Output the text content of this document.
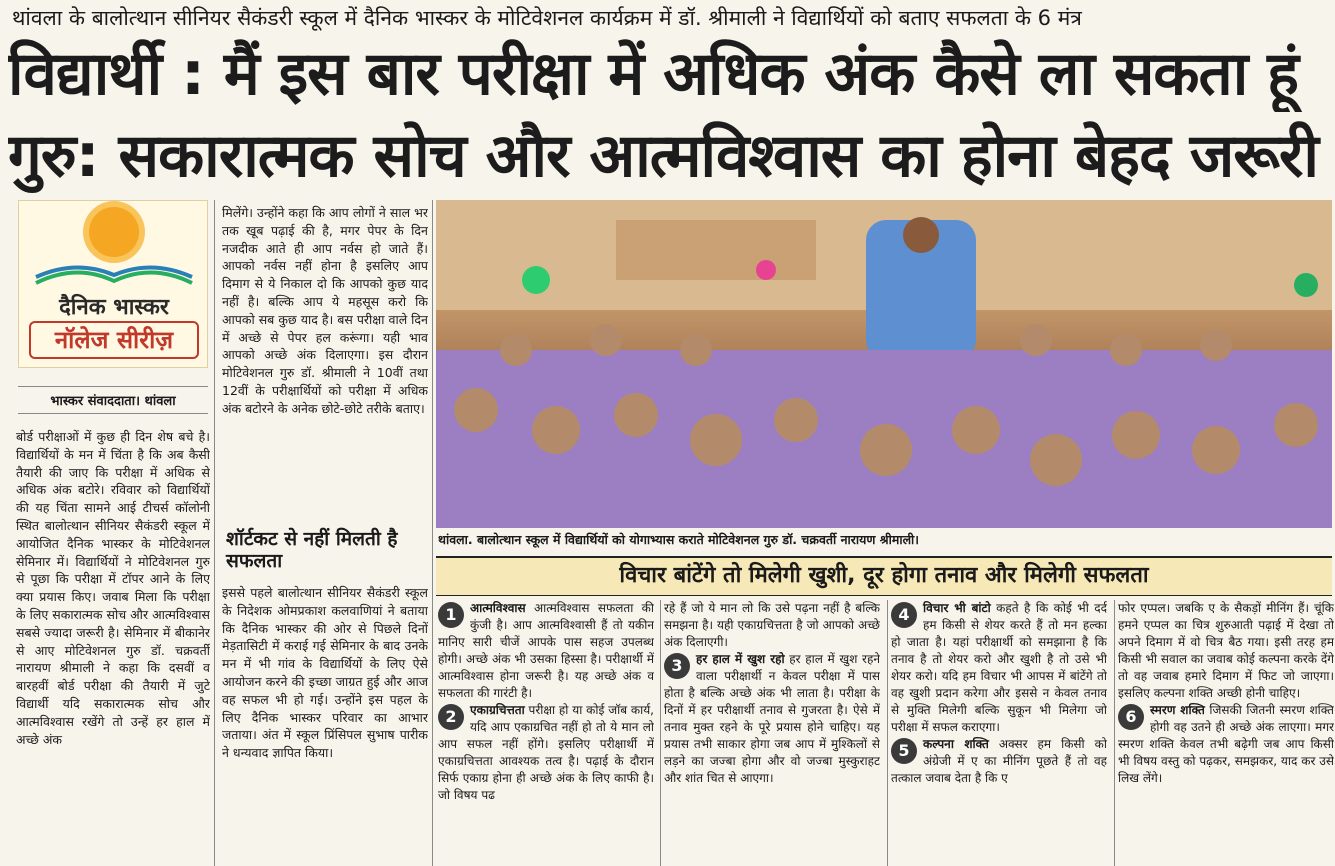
थांवला के बालोत्थान सीनियर सैकंडरी स्कूल में दैनिक भास्कर के मोटिवेशनल कार्यक्रम में डॉ. श्रीमाली ने विद्यार्थियों को बताए सफलता के 6 मंत्र
विद्यार्थी : मैं इस बार परीक्षा में अधिक अंक कैसे ला सकता हूं
गुरु: सकारात्मक सोच और आत्मविश्वास का होना बेहद जरूरी
दैनिक भास्कर
नॉलेज सीरीज़
भास्कर संवाददाता। थांवला
बोर्ड परीक्षाओं में कुछ ही दिन शेष बचे है। विद्यार्थियों के मन में चिंता है कि अब कैसी तैयारी की जाए कि परीक्षा में अधिक से अधिक अंक बटोरे। रविवार को विद्यार्थियों की यह चिंता सामने आई टीचर्स कॉलोनी स्थित बालोत्थान सीनियर सैकंडरी स्कूल में आयोजित दैनिक भास्कर के मोटिवेशनल सेमिनार में। विद्यार्थियों ने मोटिवेशनल गुरु से पूछा कि परीक्षा में टॉपर आने के लिए क्या प्रयास किए। जवाब मिला कि परीक्षा के लिए सकारात्मक सोच और आत्मविश्वास सबसे ज्यादा जरूरी है। सेमिनार में बीकानेर से आए मोटिवेशनल गुरु डॉ. चक्रवर्ती नारायण श्रीमाली ने कहा कि दसवीं व बारहवीं बोर्ड परीक्षा की तैयारी में जुटे विद्यार्थी यदि सकारात्मक सोच और आत्मविश्वास रखेंगे तो उन्हें हर हाल में अच्छे अंक
मिलेंगे। उन्होंने कहा कि आप लोगों ने साल भर तक खूब पढ़ाई की है, मगर पेपर के दिन नजदीक आते ही आप नर्वस हो जाते हैं। आपको नर्वस नहीं होना है इसलिए आप दिमाग से ये निकाल दो कि आपको कुछ याद नहीं है। बल्कि आप ये महसूस करो कि आपको सब कुछ याद है। बस परीक्षा वाले दिन में अच्छे से पेपर हल करूंगा। यही भाव आपको अच्छे अंक दिलाएगा। इस दौरान मोटिवेशनल गुरु डॉ. श्रीमाली ने 10वीं तथा 12वीं के परीक्षार्थियों को परीक्षा में अधिक अंक बटोरने के अनेक छोटे-छोटे तरीके बताए।
शॉर्टकट से नहीं मिलती है सफलता
इससे पहले बालोत्थान सीनियर सैकंडरी स्कूल के निदेशक ओमप्रकाश कलवाणियां ने बताया कि दैनिक भास्कर की ओर से पिछले दिनों मेड़तासिटी में कराई गई सेमिनार के बाद उनके मन में भी गांव के विद्यार्थियों के लिए ऐसे आयोजन करने की इच्छा जाग्रत हुई और आज वह सफल भी हो गई। उन्होंने इस पहल के लिए दैनिक भास्कर परिवार का आभार जताया। अंत में स्कूल प्रिंसिपल सुभाष पारीक ने धन्यवाद ज्ञापित किया।
थांवला. बालोत्थान स्कूल में विद्यार्थियों को योगाभ्यास कराते मोटिवेशनल गुरु डॉ. चक्रवर्ती नारायण श्रीमाली।
विचार बांटेंगे तो मिलेगी खुशी, दूर होगा तनाव और मिलेगी सफलता
1	आत्मविश्वास आत्मविश्वास सफलता की कुंजी है। आप आत्मविश्वासी हैं तो यकीन मानिए सारी चीजें आपके पास सहज उपलब्ध होगी। अच्छे अंक भी उसका हिस्सा है। परीक्षार्थी में आत्मविश्वास होना जरूरी है। यह अच्छे अंक व सफलता की गारंटी है।

2	एकाग्रचित्तता परीक्षा हो या कोई जॉब कार्य, यदि आप एकाग्रचित नहीं हो तो ये मान लो आप सफल नहीं होंगे। इसलिए परीक्षार्थी में एकाग्रचित्तता आवश्यक तत्व है। पढ़ाई के दौरान सिर्फ एकाग्र होना ही अच्छे अंक के लिए काफी है। जो विषय पढ
रहे हैं जो ये मान लो कि उसे पढ़ना नहीं है बल्कि समझना है। यही एकाग्रचित्तता है जो आपको अच्छे अंक दिलाएगी।

3	हर हाल में खुश रहो हर हाल में खुश रहने वाला परीक्षार्थी न केवल परीक्षा में पास होता है बल्कि अच्छे अंक भी लाता है। परीक्षा के दिनों में हर परीक्षार्थी तनाव से गुजरता है। ऐसे में तनाव मुक्त रहने के पूरे प्रयास होने चाहिए। यह प्रयास तभी साकार होगा जब आप में मुश्किलों से लड़ने का जज्बा होगा और वो जज्बा मुस्कुराहट और शांत चित से आएगा।
विचार भी बांटो
4	कहते है कि कोई भी दर्द हम किसी से शेयर करते हैं तो मन हल्का हो जाता है। यहां परीक्षार्थी को समझाना है कि तनाव है तो शेयर करो और खुशी है तो उसे भी शेयर करो। यदि हम विचार भी आपस में बांटेंगे तो वह खुशी प्रदान करेगा और इससे न केवल तनाव से मुक्ति मिलेगी बल्कि सुकून भी मिलेगा जो परीक्षा में सफल कराएगा।
कल्पना शक्ति
5	अक्सर हम किसी को अंग्रेजी में ए का मीनिंग पूछते हैं तो वह तत्काल जवाब देता है कि ए
फोर एप्पल। जबकि ए के सैकड़ों मीनिंग हैं। चूंकि हमने एप्पल का चित्र शुरुआती पढ़ाई में देखा तो अपने दिमाग में वो चित्र बैठ गया। इसी तरह हम किसी भी सवाल का जवाब कोई कल्पना करके देंगे तो वह जवाब हमारे दिमाग में फिट जो जाएगा। इसलिए कल्पना शक्ति अच्छी होनी चाहिए।
स्मरण शक्ति
6	जिसकी जितनी स्मरण शक्ति होगी वह उतने ही अच्छे अंक लाएगा। मगर स्मरण शक्ति केवल तभी बढ़ेगी जब आप किसी भी विषय वस्तु को पढ़कर, समझकर, याद कर उसे लिख लेंगे।
